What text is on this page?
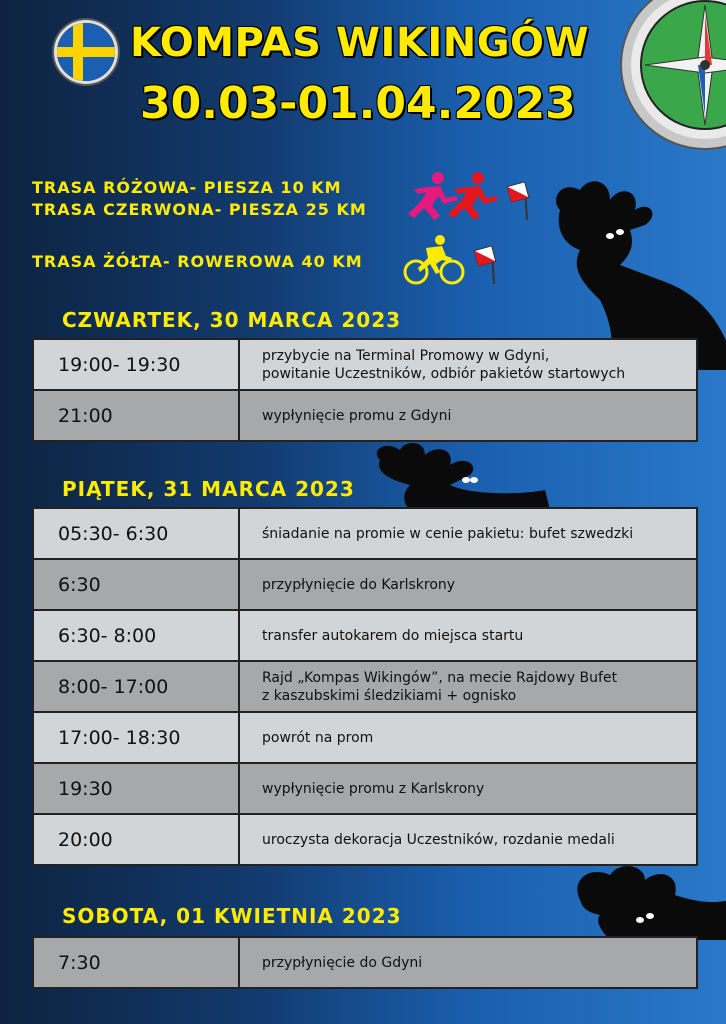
KOMPAS WIKINGÓW
30.03-01.04.2023
TRASA RÓŻOWA- PIESZA 10 KM
TRASA CZERWONA- PIESZA 25 KM
TRASA ŻÓŁTA- ROWEROWA 40 KM
CZWARTEK, 30 MARCA 2023
19:00- 19:30	przybycie na Terminal Promowy w Gdyni,
powitanie Uczestników, odbiór pakietów startowych
21:00	wypłynięcie promu z Gdyni
PIĄTEK, 31 MARCA 2023
05:30- 6:30	śniadanie na promie w cenie pakietu: bufet szwedzki
6:30	przypłynięcie do Karlskrony
6:30- 8:00	transfer autokarem do miejsca startu
8:00- 17:00	Rajd „Kompas Wikingów”, na mecie Rajdowy Bufet
z kaszubskimi śledzikiami + ognisko
17:00- 18:30	powrót na prom
19:30	wypłynięcie promu z Karlskrony
20:00	uroczysta dekoracja Uczestników, rozdanie medali
SOBOTA, 01 KWIETNIA 2023
7:30	przypłynięcie do Gdyni
